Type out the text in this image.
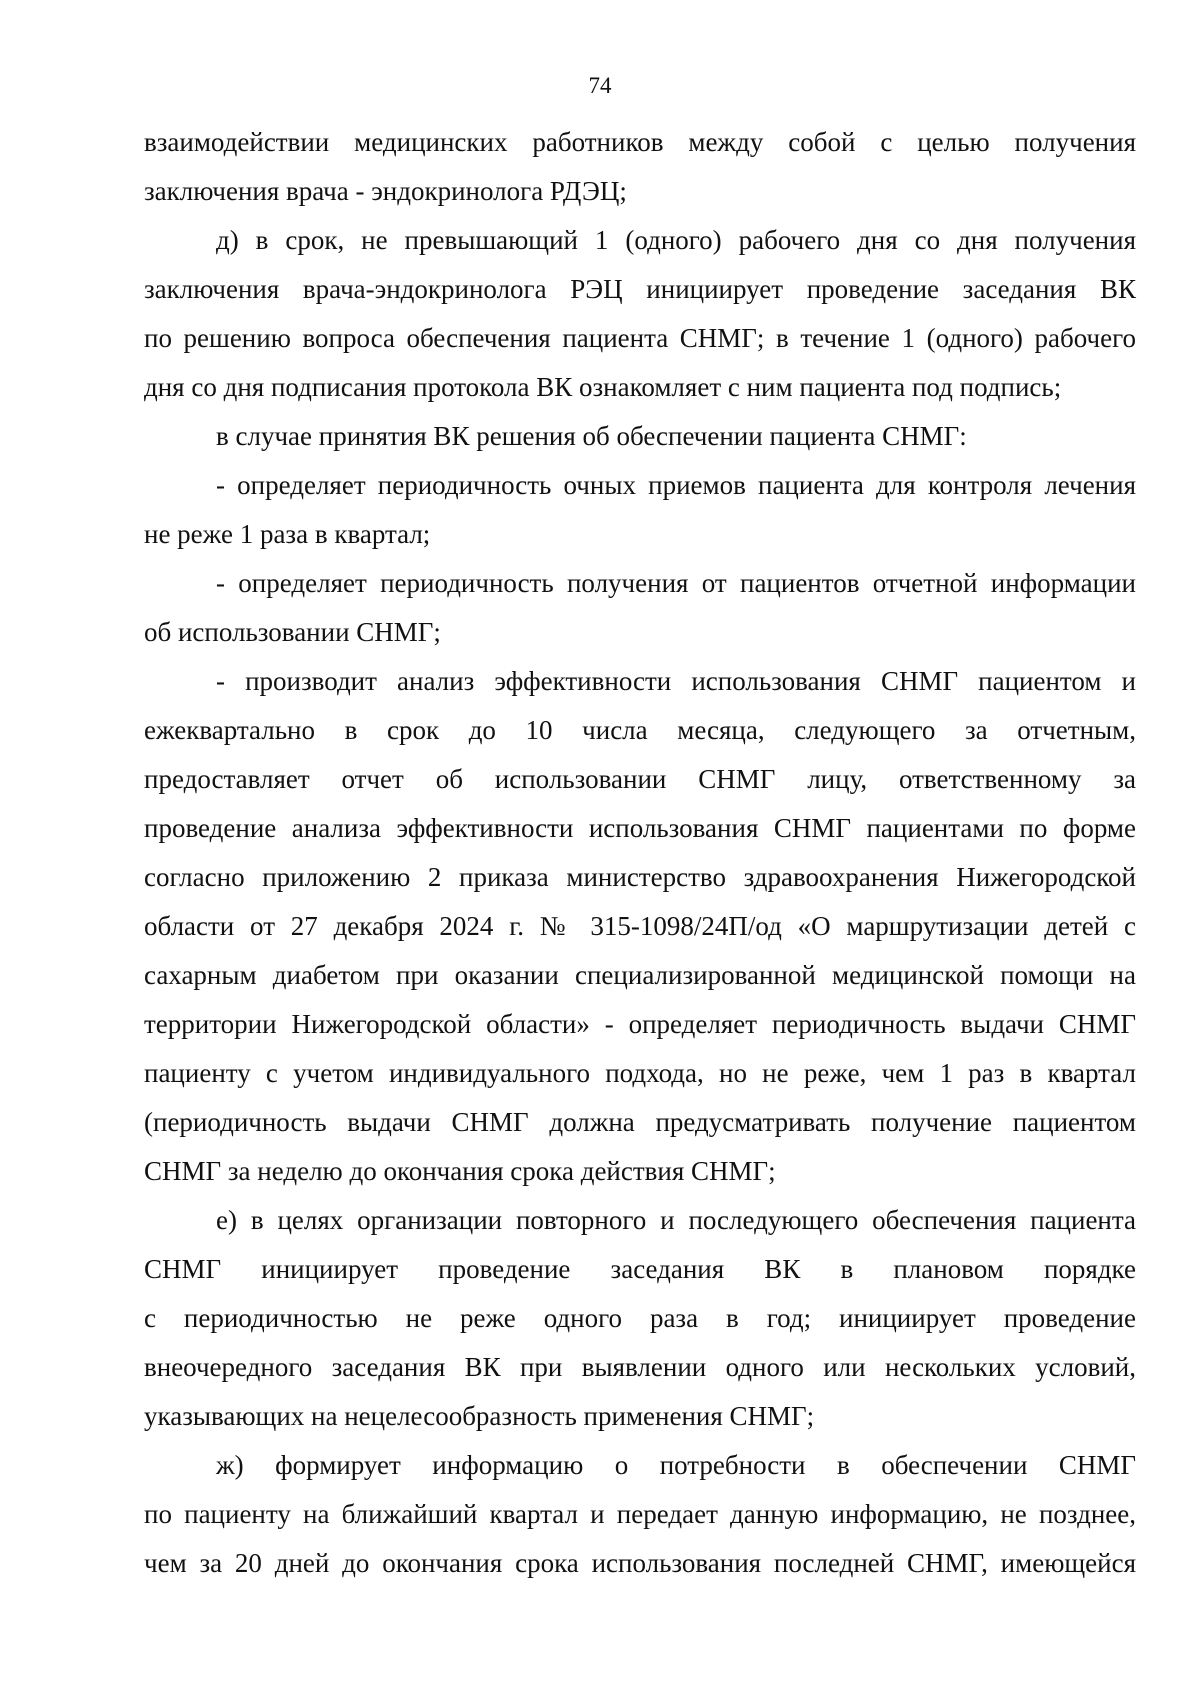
74
взаимодействии медицинских работников между собой с целью получения
заключения врача - эндокринолога РДЭЦ;
д) в срок, не превышающий 1 (одного) рабочего дня со дня получения
заключения врача-эндокринолога РЭЦ инициирует проведение заседания ВК
по решению вопроса обеспечения пациента СНМГ; в течение 1 (одного) рабочего
дня со дня подписания протокола ВК ознакомляет с ним пациента под подпись;
в случае принятия ВК решения об обеспечении пациента СНМГ:
- определяет периодичность очных приемов пациента для контроля лечения
не реже 1 раза в квартал;
- определяет периодичность получения от пациентов отчетной информации
об использовании СНМГ;
- производит анализ эффективности использования СНМГ пациентом и
ежеквартально в срок до 10 числа месяца, следующего за отчетным,
предоставляет отчет об использовании СНМГ лицу, ответственному за
проведение анализа эффективности использования СНМГ пациентами по форме
согласно приложению 2 приказа министерство здравоохранения Нижегородской
области от 27 декабря 2024 г. № 315-1098/24П/од «О маршрутизации детей с
сахарным диабетом при оказании специализированной медицинской помощи на
территории Нижегородской области» - определяет периодичность выдачи СНМГ
пациенту с учетом индивидуального подхода, но не реже, чем 1 раз в квартал
(периодичность выдачи СНМГ должна предусматривать получение пациентом
СНМГ за неделю до окончания срока действия СНМГ;
е) в целях организации повторного и последующего обеспечения пациента
СНМГ инициирует проведение заседания ВК в плановом порядке
с периодичностью не реже одного раза в год; инициирует проведение
внеочередного заседания ВК при выявлении одного или нескольких условий,
указывающих на нецелесообразность применения СНМГ;
ж) формирует информацию о потребности в обеспечении СНМГ
по пациенту на ближайший квартал и передает данную информацию, не позднее,
чем за 20 дней до окончания срока использования последней СНМГ, имеющейся
